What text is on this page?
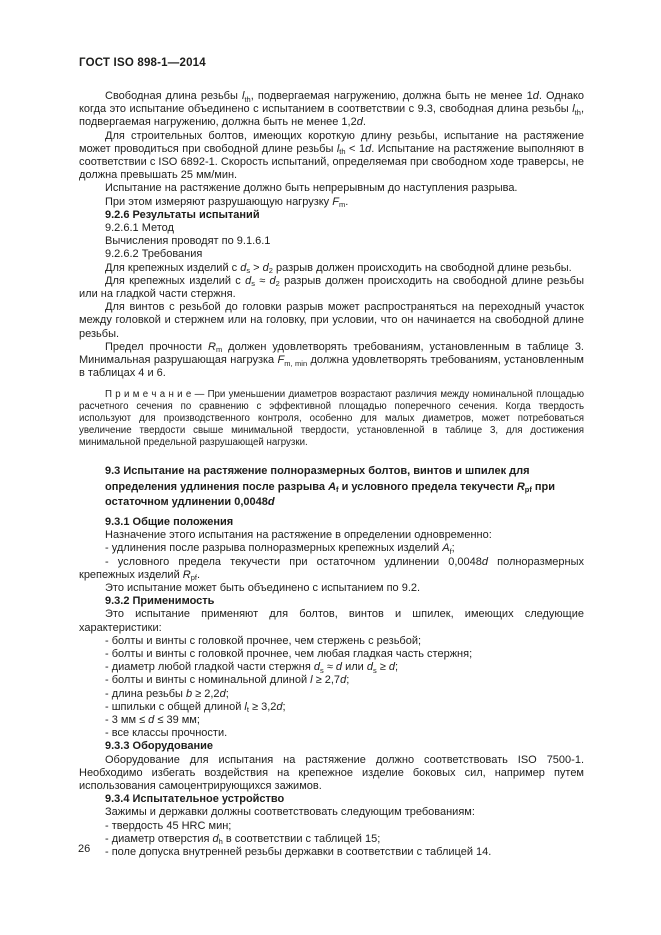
ГОСТ ISO 898-1—2014

Свободная длина резьбы $l_{th}$, подвергаемая нагружению, должна быть не менее 1d. Однако когда это испытание объединено с испытанием в соответствии с 9.3, свободная длина резьбы $l_{th}$, подвергаемая нагружению, должна быть не менее 1,2d.

Для строительных болтов, имеющих короткую длину резьбы, испытание на растяжение может проводиться при свободной длине резьбы $l_{th} < 1d$. Испытание на растяжение выполняют в соответствии с ISO 6892-1. Скорость испытаний, определяемая при свободном ходе траверсы, не должна превышать 25 мм/мин.

Испытание на растяжение должно быть непрерывным до наступления разрыва.

При этом измеряют разрушающую нагрузку $F_m$.

9.2.6 Результаты испытаний

9.2.6.1 Метод

Вычисления проводят по 9.1.6.1

9.2.6.2 Требования

Для крепежных изделий с $d_s > d_2$ разрыв должен происходить на свободной длине резьбы.

Для крепежных изделий с $d_s \approx d_2$ разрыв должен происходить на свободной длине резьбы или на гладкой части стержня.

Для винтов с резьбой до головки разрыв может распространяться на переходный участок между головкой и стержнем или на головку, при условии, что он начинается на свободной длине резьбы.

Предел прочности $R_m$ должен удовлетворять требованиям, установленным в таблице 3. Минимальная разрушающая нагрузка $F_{m, min}$ должна удовлетворять требованиям, установленным в таблицах 4 и 6.

П р и м е ч а н и е — При уменьшении диаметров возрастают различия между номинальной площадью расчетного сечения по сравнению с эффективной площадью поперечного сечения. Когда твердость используют для производственного контроля, особенно для малых диаметров, может потребоваться увеличение твердости свыше минимальной твердости, установленной в таблице 3, для достижения минимальной предельной разрушающей нагрузки.

9.3 Испытание на растяжение полноразмерных болтов, винтов и шпилек для определения удлинения после разрыва $A_f$ и условного предела текучести $R_{pf}$ при остаточном удлинении 0,0048d

9.3.1 Общие положения

Назначение этого испытания на растяжение в определении одновременно:

- удлинения после разрыва полноразмерных крепежных изделий $A_f$;

- условного предела текучести при остаточном удлинении 0,0048d полноразмерных крепежных изделий $R_{pf}$.

Это испытание может быть объединено с испытанием по 9.2.

9.3.2 Применимость

Это испытание применяют для болтов, винтов и шпилек, имеющих следующие характеристики:

- болты и винты с головкой прочнее, чем стержень с резьбой;

- болты и винты с головкой прочнее, чем любая гладкая часть стержня;

- диаметр любой гладкой части стержня $d_s \approx d$ или $d_s \ge d$;

- болты и винты с номинальной длиной l ≥ 2,7d;

- длина резьбы b ≥ 2,2d;

- шпильки с общей длиной $l_t \ge 3,2d$;

- 3 мм ≤ d ≤ 39 мм;

- все классы прочности.

9.3.3 Оборудование

Оборудование для испытания на растяжение должно соответствовать ISO 7500-1. Необходимо избегать воздействия на крепежное изделие боковых сил, например путем использования самоцентрирующихся зажимов.

9.3.4 Испытательное устройство

Зажимы и державки должны соответствовать следующим требованиям:

- твердость 45 HRC мин;

- диаметр отверстия $d_h$ в соответствии с таблицей 15;

- поле допуска внутренней резьбы державки в соответствии с таблицей 14.

26
